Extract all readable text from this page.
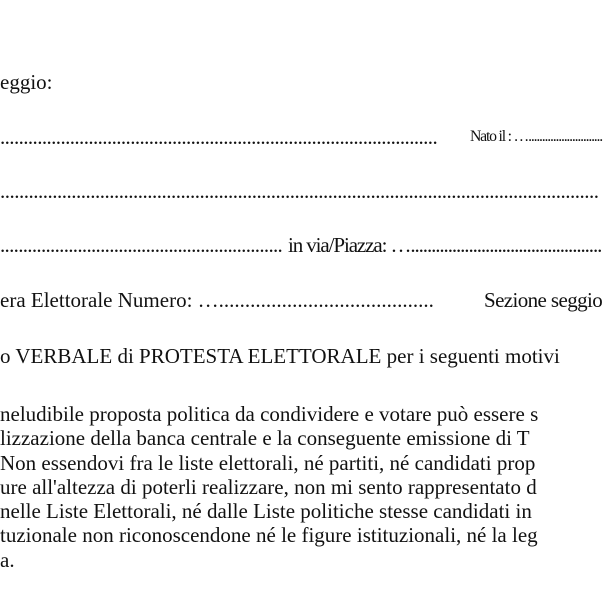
eggio:
.............................................................................................. Nato il : …...........................
..............................................................................................................................
.............................................................. in via/Piazza: …..............................................
era Elettorale Numero: …......................................... Sezione seggio
o VERBALE di PROTESTA ELETTORALE per i seguenti motivi
neludibile proposta politica da condividere e votare può essere s
lizzazione della banca centrale e la conseguente emissione di T
Non essendovi fra le liste elettorali, né partiti, né candidati prop
ure all'altezza di poterli realizzare, non mi sento rappresentato d
nelle Liste Elettorali, né dalle Liste politiche stesse candidati in
tuzionale non riconoscendone né le figure istituzionali, né la leg
a.
